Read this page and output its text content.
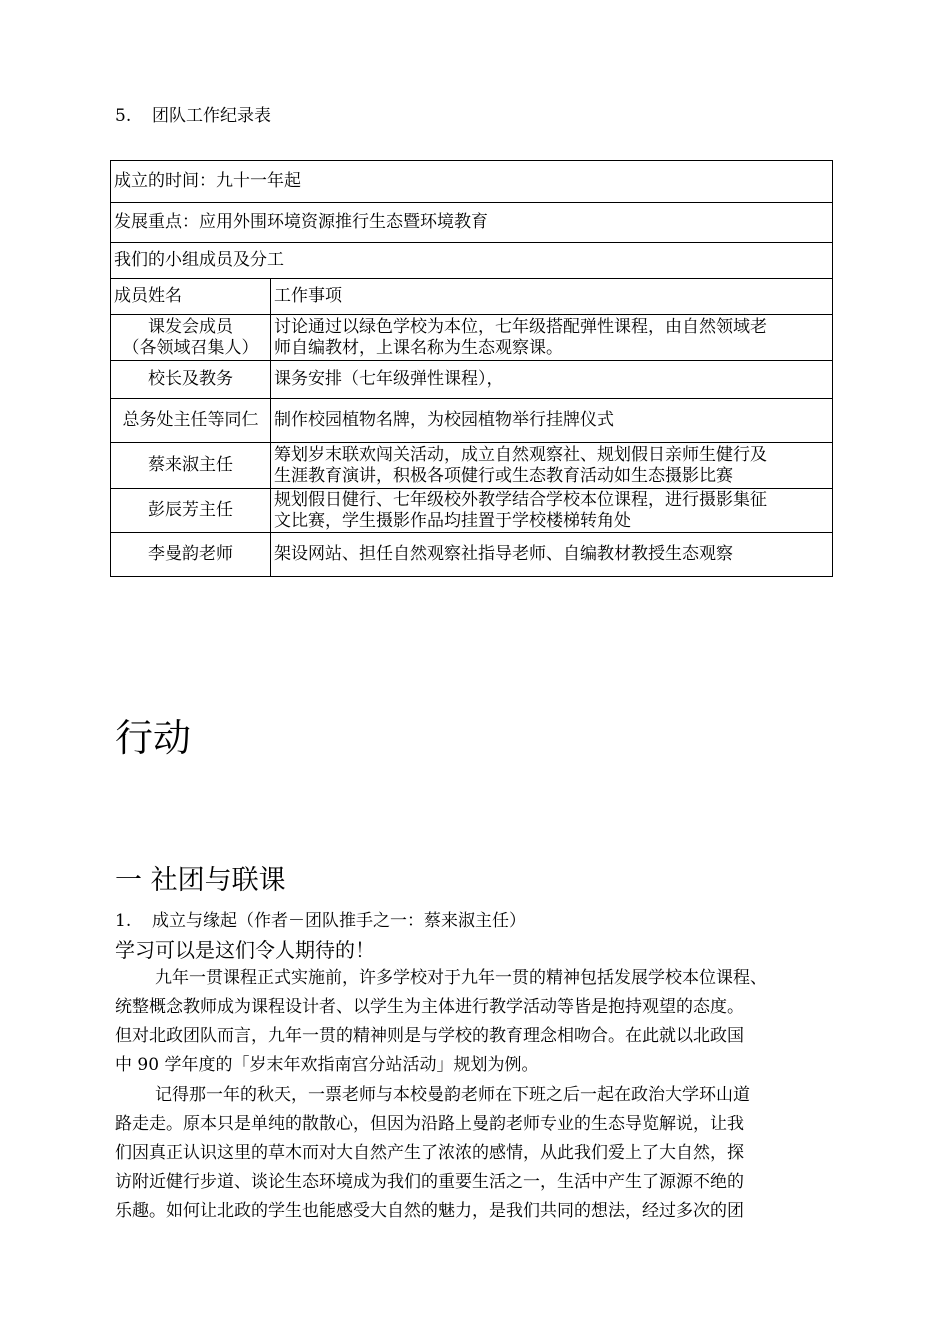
5. 团队工作纪录表
成立的时间：九十一年起	
发展重点：应用外围环境资源推行生态暨环境教育	
我们的小组成员及分工	
成员姓名	工作事项

课发会成员
（各领域召集人）	讨论通过以绿色学校为本位，七年级搭配弹性课程，由自然领域老
师自编教材，上课名称为生态观察课。

校长及教务	课务安排（七年级弹性课程），
总务处主任等同仁	制作校园植物名牌，为校园植物举行挂牌仪式
蔡来淑主任	筹划岁末联欢闯关活动，成立自然观察社、规划假日亲师生健行及
生涯教育演讲，积极各项健行或生态教育活动如生态摄影比赛

彭辰芳主任	规划假日健行、七年级校外教学结合学校本位课程，进行摄影集征
文比赛，学生摄影作品均挂置于学校楼梯转角处

李曼韵老师	架设网站、担任自然观察社指导老师、自编教材教授生态观察
行动
一 社团与联课
1. 成立与缘起（作者－团队推手之一：蔡来淑主任）
学习可以是这们令人期待的！
九年一贯课程正式实施前，许多学校对于九年一贯的精神包括发展学校本位课程、
统整概念教师成为课程设计者、以学生为主体进行教学活动等皆是抱持观望的态度。
但对北政团队而言，九年一贯的精神则是与学校的教育理念相吻合。在此就以北政国
中 90 学年度的「岁末年欢指南宫分站活动」规划为例。
记得那一年的秋天，一票老师与本校曼韵老师在下班之后一起在政治大学环山道
路走走。原本只是单纯的散散心，但因为沿路上曼韵老师专业的生态导览解说，让我
们因真正认识这里的草木而对大自然产生了浓浓的感情，从此我们爱上了大自然，探
访附近健行步道、谈论生态环境成为我们的重要生活之一，生活中产生了源源不绝的
乐趣。如何让北政的学生也能感受大自然的魅力，是我们共同的想法，经过多次的团
